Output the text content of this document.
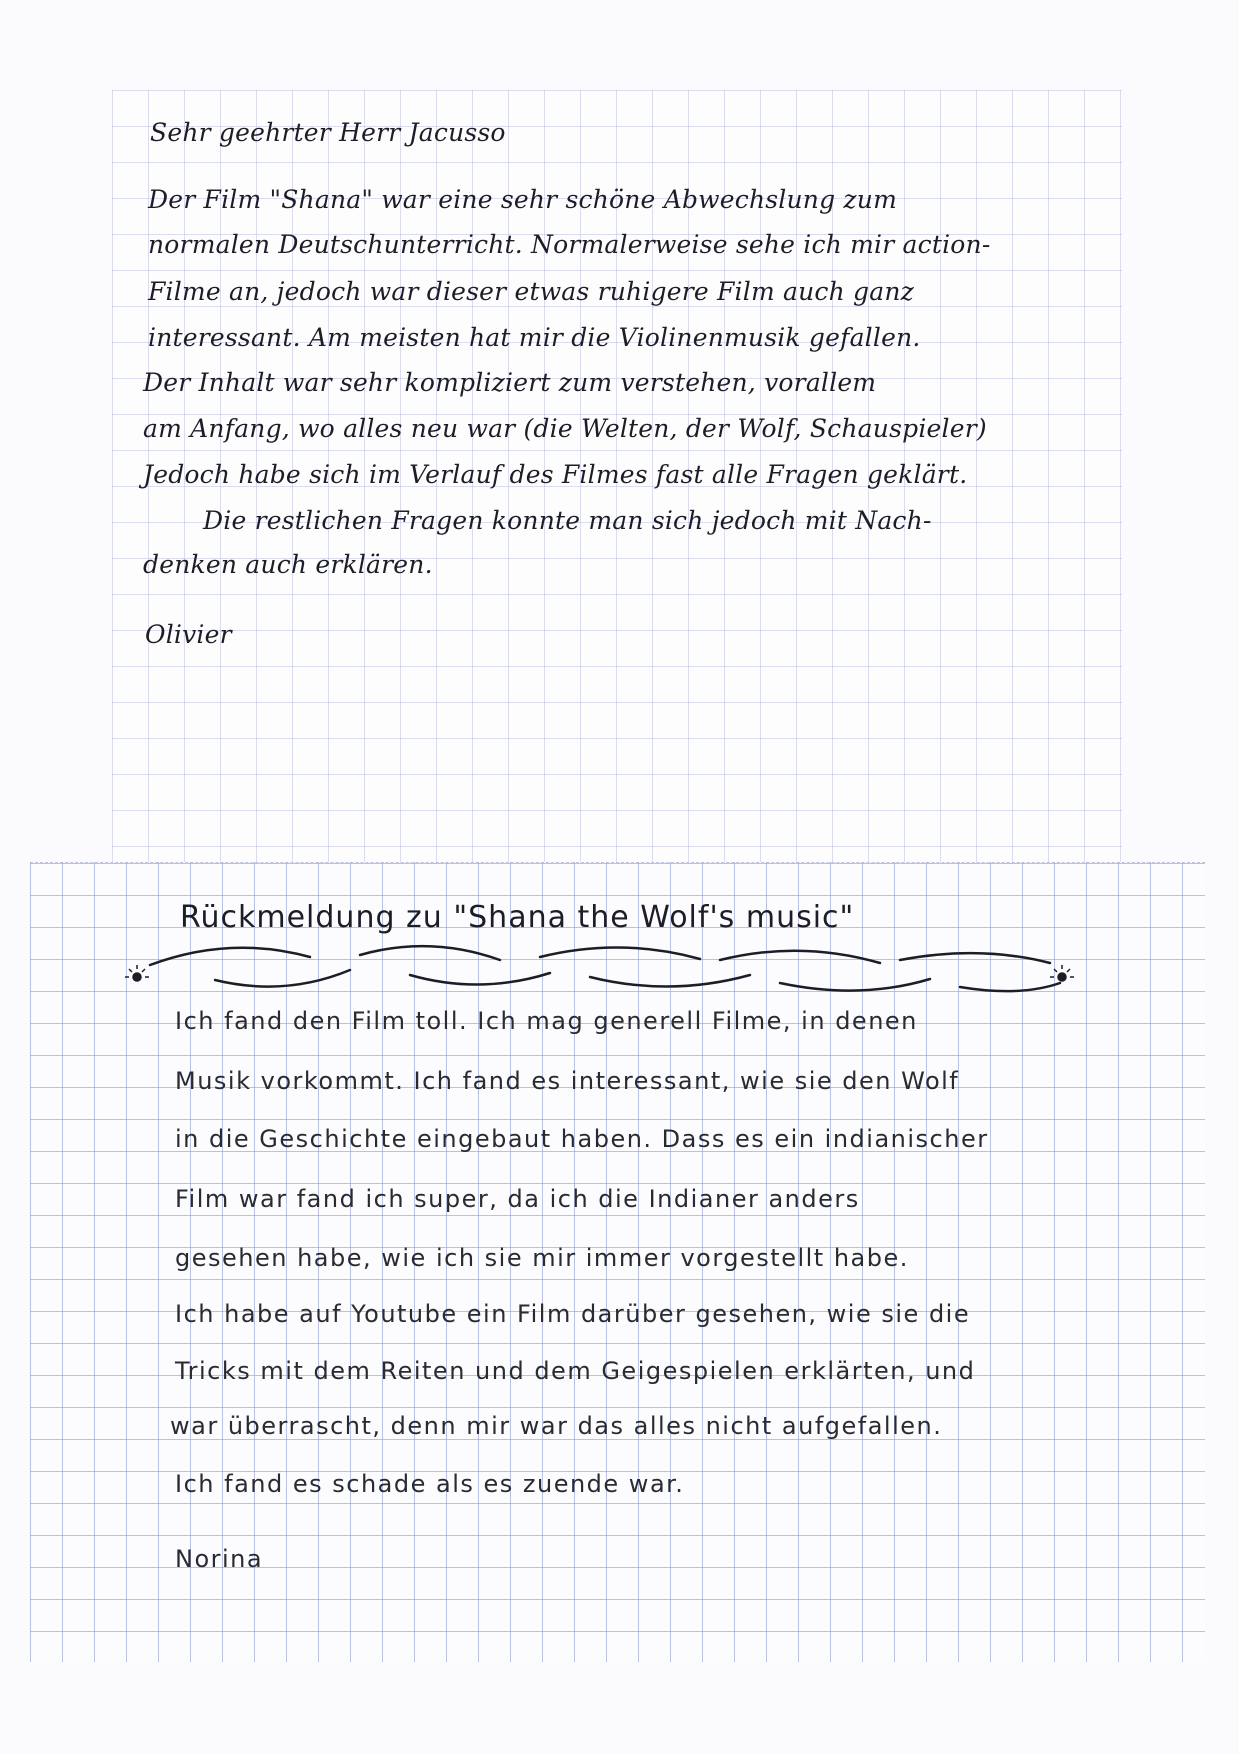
Sehr geehrter Herr Jacusso

Der Film "Shana" war eine sehr schöne Abwechslung zum
normalen Deutschunterricht. Normalerweise sehe ich mir action-
Filme an, jedoch war dieser etwas ruhigere Film auch ganz
interessant. Am meisten hat mir die Violinenmusik gefallen.
Der Inhalt war sehr kompliziert zum verstehen, vorallem
am Anfang, wo alles neu war (die Welten, der Wolf, Schauspieler)
Jedoch habe sich im Verlauf des Filmes fast alle Fragen geklärt.
Die restlichen Fragen konnte man sich jedoch mit Nach-
denken auch erklären.

Olivier

Rückmeldung zu "Shana the Wolf's music"
Ich fand den Film toll. Ich mag generell Filme, in denen
Musik vorkommt. Ich fand es interessant, wie sie den Wolf
in die Geschichte eingebaut haben. Dass es ein indianischer
Film war fand ich super, da ich die Indianer anders
gesehen habe, wie ich sie mir immer vorgestellt habe.
Ich habe auf Youtube ein Film darüber gesehen, wie sie die
Tricks mit dem Reiten und dem Geigespielen erklärten, und
war überrascht, denn mir war das alles nicht aufgefallen.
Ich fand es schade als es zuende war.

Norina
